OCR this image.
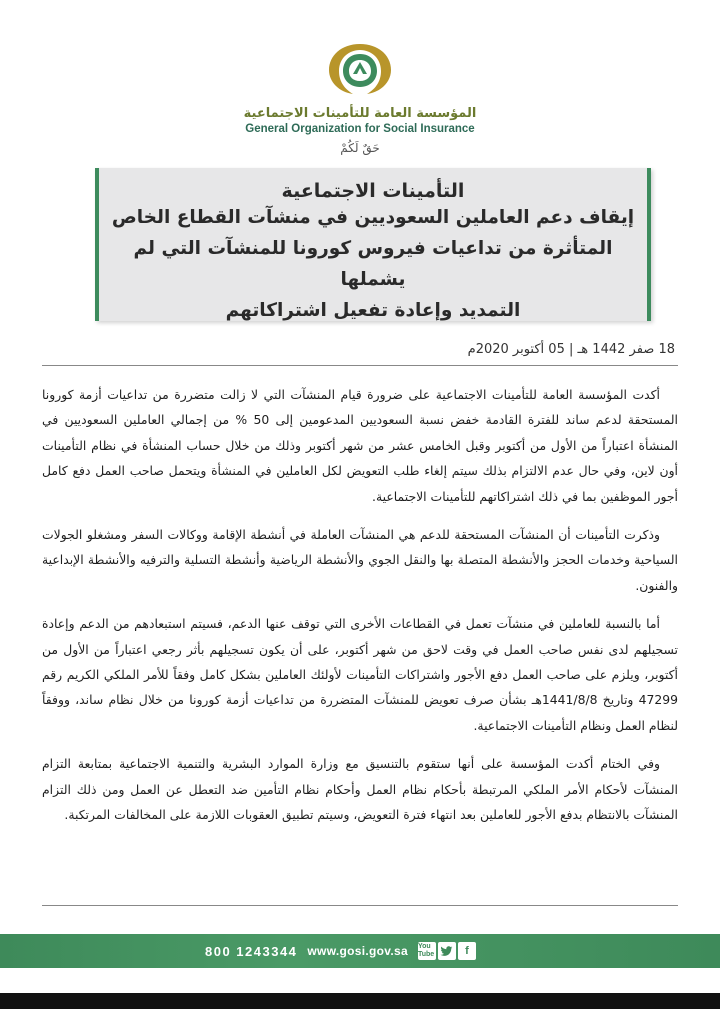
المؤسسة العامة للتأمينات الاجتماعية
General Organization for Social Insurance
حَقٌ لَكُمْ
التأمينات الاجتماعية
إيقاف دعم العاملين السعوديين في منشآت القطاع الخاص
المتأثرة من تداعيات فيروس كورونا للمنشآت التي لم يشملها
التمديد وإعادة تفعيل اشتراكاتهم
18 صفر 1442 هـ | 05 أكتوبر 2020م

أكدت المؤسسة العامة للتأمينات الاجتماعية على ضرورة قيام المنشآت التي لا زالت متضررة من تداعيات أزمة كورونا المستحقة لدعم ساند للفترة القادمة خفض نسبة السعوديين المدعومين إلى 50 % من إجمالي العاملين السعوديين في المنشأة اعتباراً من الأول من أكتوبر وقبل الخامس عشر من شهر أكتوبر وذلك من خلال حساب المنشأة في نظام التأمينات أون لاين، وفي حال عدم الالتزام بذلك سيتم إلغاء طلب التعويض لكل العاملين في المنشأة ويتحمل صاحب العمل دفع كامل أجور الموظفين بما في ذلك اشتراكاتهم للتأمينات الاجتماعية.

وذكرت التأمينات أن المنشآت المستحقة للدعم هي المنشآت العاملة في أنشطة الإقامة ووكالات السفر ومشغلو الجولات السياحية وخدمات الحجز والأنشطة المتصلة بها والنقل الجوي والأنشطة الرياضية وأنشطة التسلية والترفيه والأنشطة الإبداعية والفنون.

أما بالنسبة للعاملين في منشآت تعمل في القطاعات الأخرى التي توقف عنها الدعم، فسيتم استبعادهم من الدعم وإعادة تسجيلهم لدى نفس صاحب العمل في وقت لاحق من شهر أكتوبر، على أن يكون تسجيلهم بأثر رجعي اعتباراً من الأول من أكتوبر، ويلزم على صاحب العمل دفع الأجور واشتراكات التأمينات لأولئك العاملين بشكل كامل وفقاً للأمر الملكي الكريم رقم 47299 وتاريخ 1441/8/8هـ بشأن صرف تعويض للمنشآت المتضررة من تداعيات أزمة كورونا من خلال نظام ساند، ووفقاً لنظام العمل ونظام التأمينات الاجتماعية.

وفي الختام أكدت المؤسسة على أنها ستقوم بالتنسيق مع وزارة الموارد البشرية والتنمية الاجتماعية بمتابعة التزام المنشآت لأحكام الأمر الملكي المرتبطة بأحكام نظام العمل وأحكام نظام التأمين ضد التعطل عن العمل ومن ذلك التزام المنشآت بالانتظام بدفع الأجور للعاملين بعد انتهاء فترة التعويض، وسيتم تطبيق العقوبات اللازمة على المخالفات المرتكبة.

800 1243344 www.gosi.gov.sa You Tube	f
